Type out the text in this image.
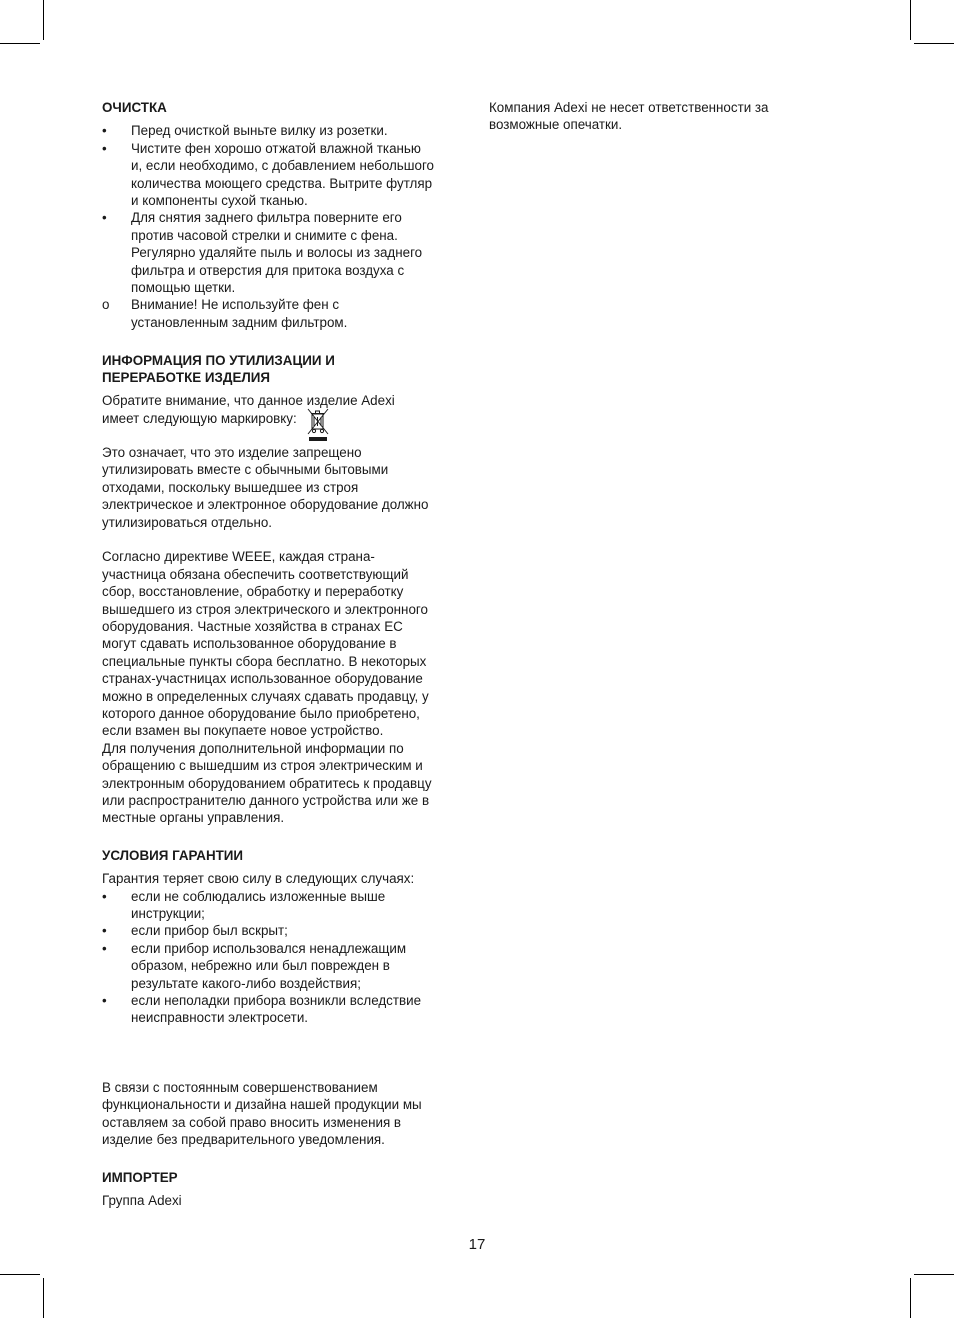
ОЧИСТКА
•	Перед очисткой выньте вилку из розетки.
•	Чистите фен хорошо отжатой влажной тканью
и, если необходимо, с добавлением небольшого
количества моющего средства. Вытрите футляр
и компоненты сухой тканью.
•	Для снятия заднего фильтра поверните его
против часовой стрелки и снимите с фена.
Регулярно удаляйте пыль и волосы из заднего
фильтра и отверстия для притока воздуха с
помощью щетки.
o	Внимание! Не используйте фен с
установленным задним фильтром.
ИНФОРМАЦИЯ ПО УТИЛИЗАЦИИ И
ПЕРЕРАБОТКЕ ИЗДЕЛИЯ

Обратите внимание, что данное изделие Adexi
имеет следующую маркировку:

Это означает, что это изделие запрещено
утилизировать вместе с обычными бытовыми
отходами, поскольку вышедшее из строя
электрическое и электронное оборудование должно
утилизироваться отдельно.

Согласно директиве WEEE, каждая страна-
участница обязана обеспечить соответствующий
сбор, восстановление, обработку и переработку
вышедшего из строя электрического и электронного
оборудования. Частные хозяйства в странах ЕС
могут сдавать использованное оборудование в
специальные пункты сбора бесплатно. В некоторых
странах-участницах использованное оборудование
можно в определенных случаях сдавать продавцу, у
которого данное оборудование было приобретено,
если взамен вы покупаете новое устройство.
Для получения дополнительной информации по
обращению с вышедшим из строя электрическим и
электронным оборудованием обратитесь к продавцу
или распространителю данного устройства или же в
местные органы управления.

УСЛОВИЯ ГАРАНТИИ

Гарантия теряет свою силу в следующих случаях:

•	если не соблюдались изложенные выше
инструкции;
•	если прибор был вскрыт;
•	если прибор использовался ненадлежащим
образом, небрежно или был поврежден в
результате какого-либо воздействия;
•	если неполадки прибора возникли вследствие
неисправности электросети.

В связи с постоянным совершенствованием
функциональности и дизайна нашей продукции мы
оставляем за собой право вносить изменения в
изделие без предварительного уведомления.

ИМПОРТЕР

Группа Adexi

Компания Adexi не несет ответственности за
возможные опечатки.

17
